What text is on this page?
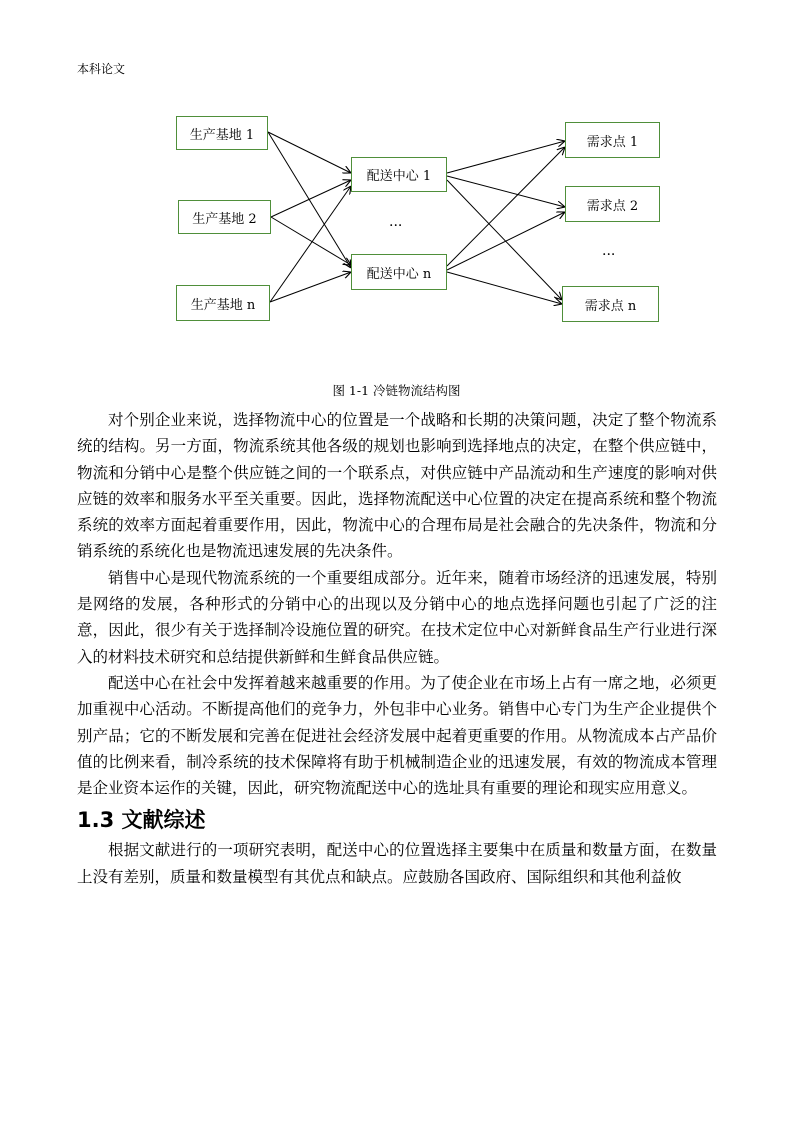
本科论文
生产基地 1
生产基地 2
生产基地 n
配送中心 1
...
配送中心 n
需求点 1
需求点 2
...
需求点 n
图 1-1 冷链物流结构图

对个别企业来说，选择物流中心的位置是一个战略和长期的决策问题，决定了整个物流系统的结构。另一方面，物流系统其他各级的规划也影响到选择地点的决定，在整个供应链中，物流和分销中心是整个供应链之间的一个联系点，对供应链中产品流动和生产速度的影响对供应链的效率和服务水平至关重要。因此，选择物流配送中心位置的决定在提高系统和整个物流系统的效率方面起着重要作用，因此，物流中心的合理布局是社会融合的先决条件，物流和分销系统的系统化也是物流迅速发展的先决条件。

销售中心是现代物流系统的一个重要组成部分。近年来，随着市场经济的迅速发展，特别是网络的发展，各种形式的分销中心的出现以及分销中心的地点选择问题也引起了广泛的注意，因此，很少有关于选择制冷设施位置的研究。在技术定位中心对新鲜食品生产行业进行深入的材料技术研究和总结提供新鲜和生鲜食品供应链。

配送中心在社会中发挥着越来越重要的作用。为了使企业在市场上占有一席之地，必须更加重视中心活动。不断提高他们的竞争力，外包非中心业务。销售中心专门为生产企业提供个别产品；它的不断发展和完善在促进社会经济发展中起着更重要的作用。从物流成本占产品价值的比例来看，制冷系统的技术保障将有助于机械制造企业的迅速发展，有效的物流成本管理是企业资本运作的关键，因此，研究物流配送中心的选址具有重要的理论和现实应用意义。

1.3 文献综述

根据文献进行的一项研究表明，配送中心的位置选择主要集中在质量和数量方面，在数量上没有差别，质量和数量模型有其优点和缺点。应鼓励各国政府、国际组织和其他利益攸
